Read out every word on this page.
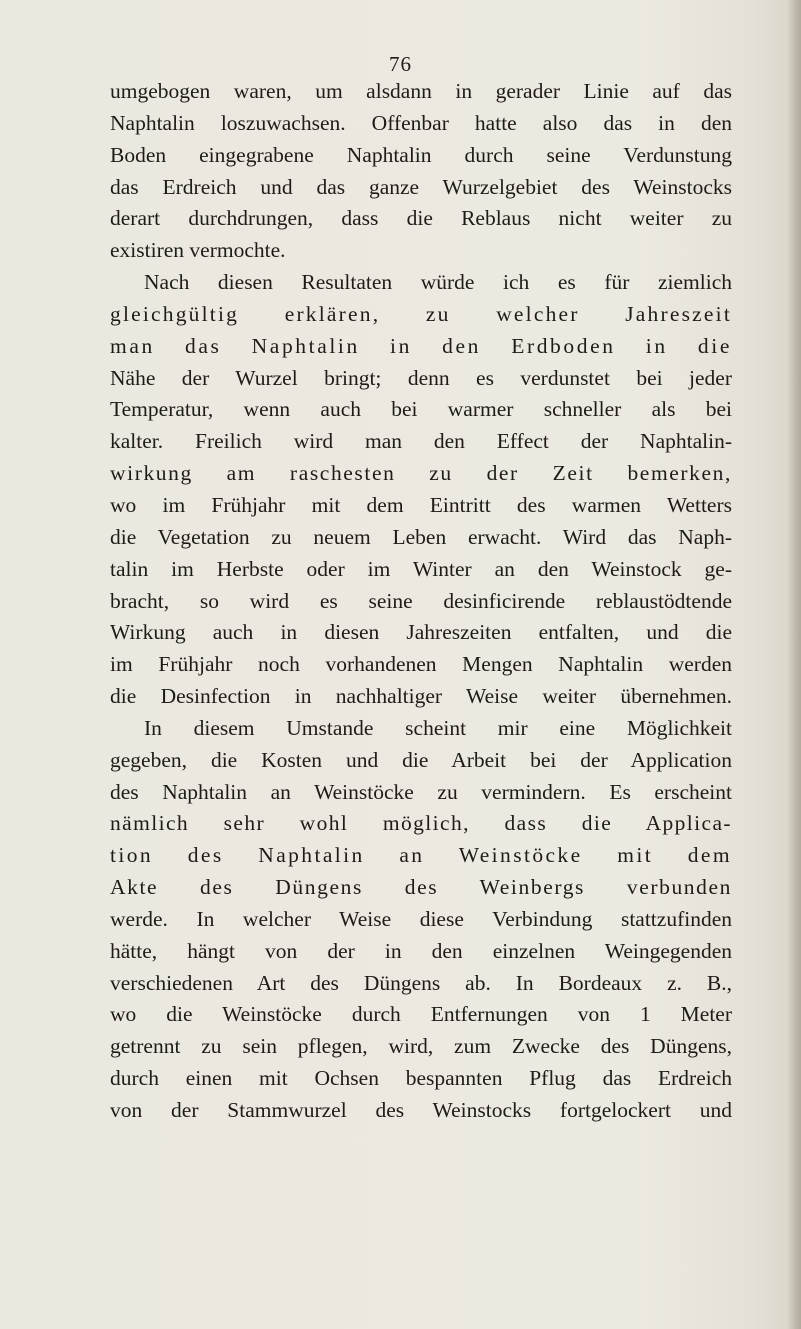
76
umgebogen waren, um alsdann in gerader Linie auf das
Naphtalin loszuwachsen. Offenbar hatte also das in den
Boden eingegrabene Naphtalin durch seine Verdunstung
das Erdreich und das ganze Wurzelgebiet des Weinstocks
derart durchdrungen, dass die Reblaus nicht weiter zu
existiren vermochte.
Nach diesen Resultaten würde ich es für ziemlich
gleichgültig erklären, zu welcher Jahreszeit
man das Naphtalin in den Erdboden in die
Nähe der Wurzel bringt; denn es verdunstet bei jeder
Temperatur, wenn auch bei warmer schneller als bei
kalter. Freilich wird man den Effect der Naphtalin-
wirkung am raschesten zu der Zeit bemerken,
wo im Frühjahr mit dem Eintritt des warmen Wetters
die Vegetation zu neuem Leben erwacht. Wird das Naph-
talin im Herbste oder im Winter an den Weinstock ge-
bracht, so wird es seine desinficirende reblaustödtende
Wirkung auch in diesen Jahreszeiten entfalten, und die
im Frühjahr noch vorhandenen Mengen Naphtalin werden
die Desinfection in nachhaltiger Weise weiter übernehmen.
In diesem Umstande scheint mir eine Möglichkeit
gegeben, die Kosten und die Arbeit bei der Application
des Naphtalin an Weinstöcke zu vermindern. Es erscheint
nämlich sehr wohl möglich, dass die Applica-
tion des Naphtalin an Weinstöcke mit dem
Akte des Düngens des Weinbergs verbunden
werde. In welcher Weise diese Verbindung stattzufinden
hätte, hängt von der in den einzelnen Weingegenden
verschiedenen Art des Düngens ab. In Bordeaux z. B.,
wo die Weinstöcke durch Entfernungen von 1 Meter
getrennt zu sein pflegen, wird, zum Zwecke des Düngens,
durch einen mit Ochsen bespannten Pflug das Erdreich
von der Stammwurzel des Weinstocks fortgelockert und
